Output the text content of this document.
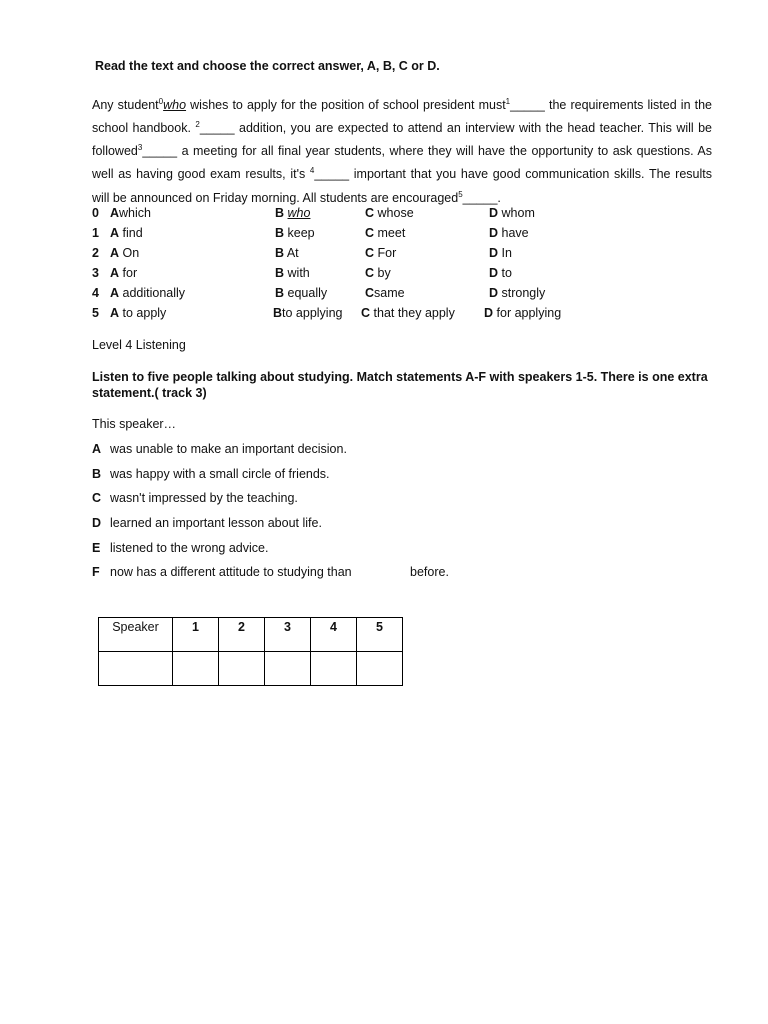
Read the text and choose the correct answer, A, B, C or D.
Any student$^0$who wishes to apply for the position of school president must$^1$_____ the requirements listed in the school handbook. $^2$_____ addition, you are expected to attend an interview with the head teacher. This will be followed$^3$_____ a meeting for all final year students, where they will have the opportunity to ask questions. As well as having good exam results, it's $^4$_____ important that you have good communication skills. The results will be announced on Friday morning. All students are encouraged$^5$_____.
0 Awhich	B who	C whose	D whom
1 A find	B keep	C meet	D have
2 A On	B At	C For	D In
3 A for	B with	C by	D to
4 A additionally	B equally	Csame	D strongly
5 A to apply	Bto applying C that they apply D for applying
Level 4 Listening
Listen to five people talking about studying. Match statements A-F with speakers 1-5. There is one extra statement.( track 3)
This speaker…
A was unable to make an important decision.
B was happy with a small circle of friends.
C wasn't impressed by the teaching.
D learned an important lesson about life.
E listened to the wrong advice.
F now has a different attitude to studying than	before.
Speaker	1	2	3	4	5
